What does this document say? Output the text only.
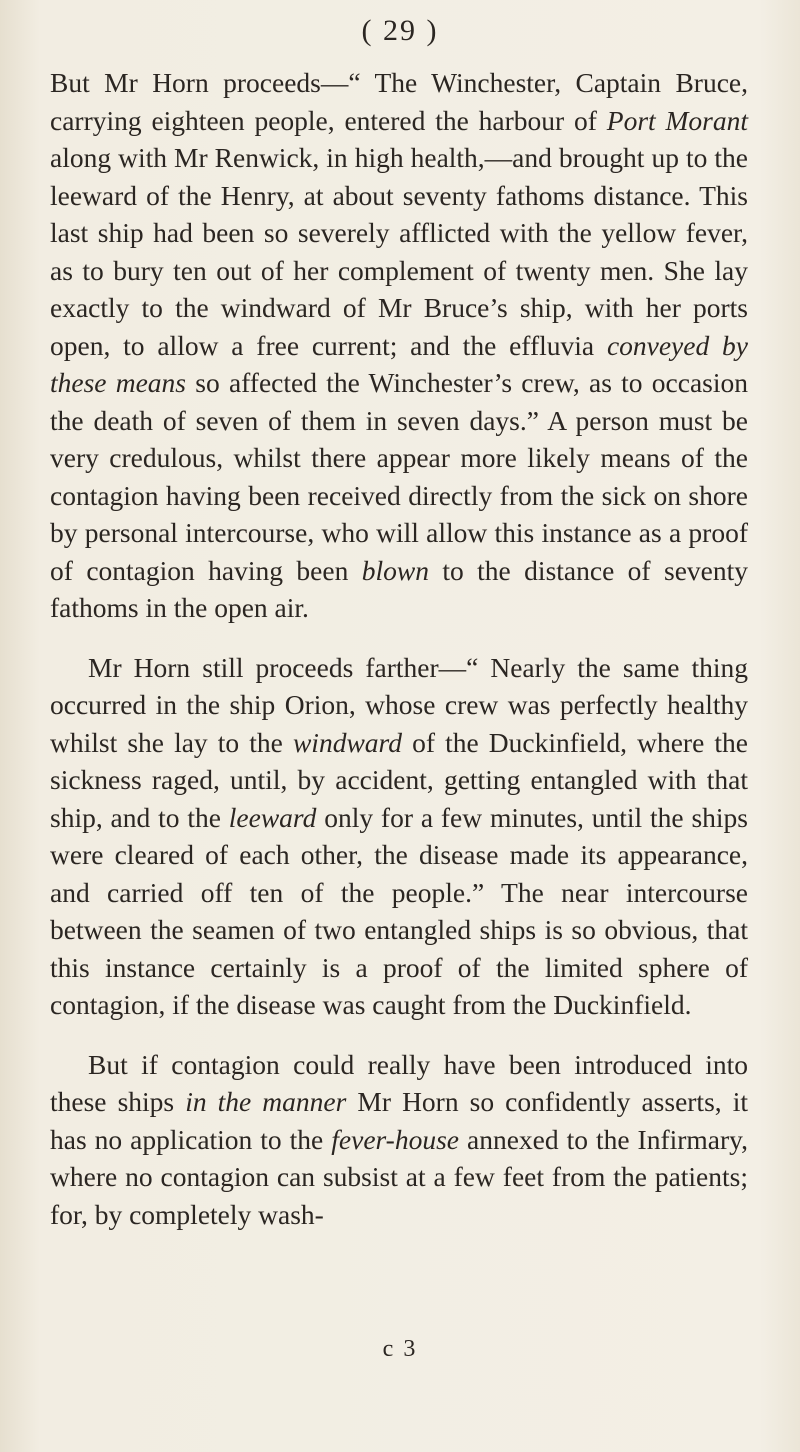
( 29 )

But Mr Horn proceeds—“ The Winchester, Captain Bruce, carrying eighteen people, entered the harbour of Port Morant along with Mr Renwick, in high health,—and brought up to the leeward of the Henry, at about seventy fathoms distance. This last ship had been so severely afflicted with the yellow fever, as to bury ten out of her complement of twenty men. She lay exactly to the windward of Mr Bruce’s ship, with her ports open, to allow a free current; and the effluvia conveyed by these means so affected the Winchester’s crew, as to occasion the death of seven of them in seven days.” A person must be very credulous, whilst there appear more likely means of the contagion having been received directly from the sick on shore by personal intercourse, who will allow this instance as a proof of contagion having been blown to the distance of seventy fathoms in the open air.

Mr Horn still proceeds farther—“ Nearly the same thing occurred in the ship Orion, whose crew was perfectly healthy whilst she lay to the windward of the Duckinfield, where the sickness raged, until, by accident, getting entangled with that ship, and to the leeward only for a few minutes, until the ships were cleared of each other, the disease made its appearance, and carried off ten of the people.” The near intercourse between the seamen of two entangled ships is so obvious, that this instance certainly is a proof of the limited sphere of contagion, if the disease was caught from the Duckinfield.

But if contagion could really have been introduced into these ships in the manner Mr Horn so confidently asserts, it has no application to the fever-house annexed to the Infirmary, where no contagion can subsist at a few feet from the patients; for, by completely wash-

c 3
